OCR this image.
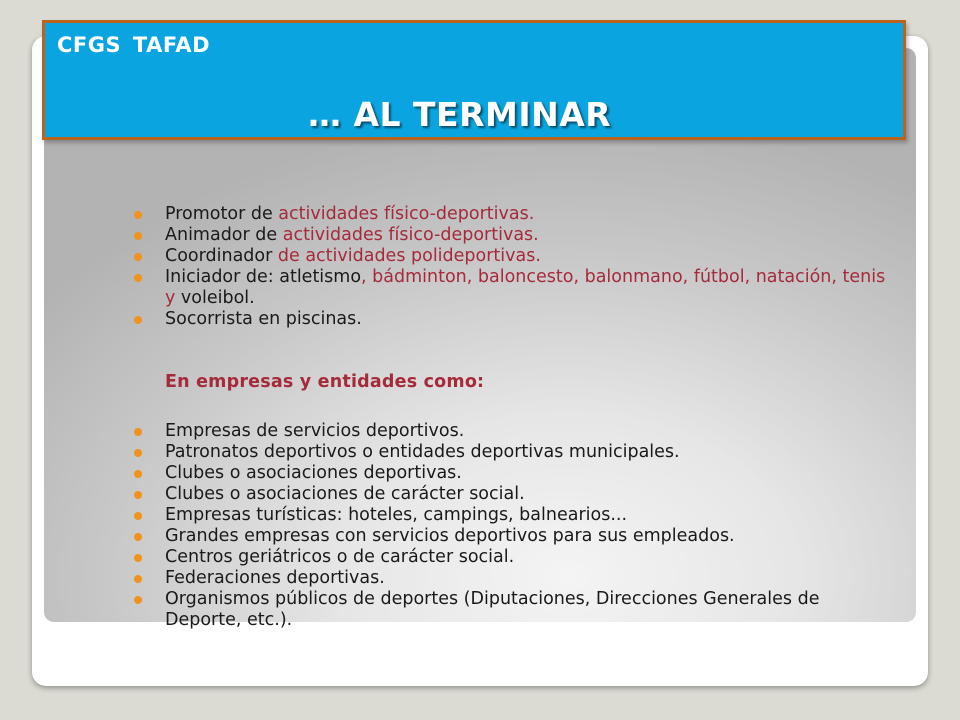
CFGS TAFAD
… AL TERMINAR
Promotor de actividades físico-deportivas.
Animador de actividades físico-deportivas.
Coordinador de actividades polideportivas.
Iniciador de: atletismo, bádminton, baloncesto, balonmano, fútbol, natación, tenis y voleibol.
Socorrista en piscinas.
En empresas y entidades como:
Empresas de servicios deportivos.
Patronatos deportivos o entidades deportivas municipales.
Clubes o asociaciones deportivas.
Clubes o asociaciones de carácter social.
Empresas turísticas: hoteles, campings, balnearios...
Grandes empresas con servicios deportivos para sus empleados.
Centros geriátricos o de carácter social.
Federaciones deportivas.
Organismos públicos de deportes (Diputaciones, Direcciones Generales de Deporte, etc.).
